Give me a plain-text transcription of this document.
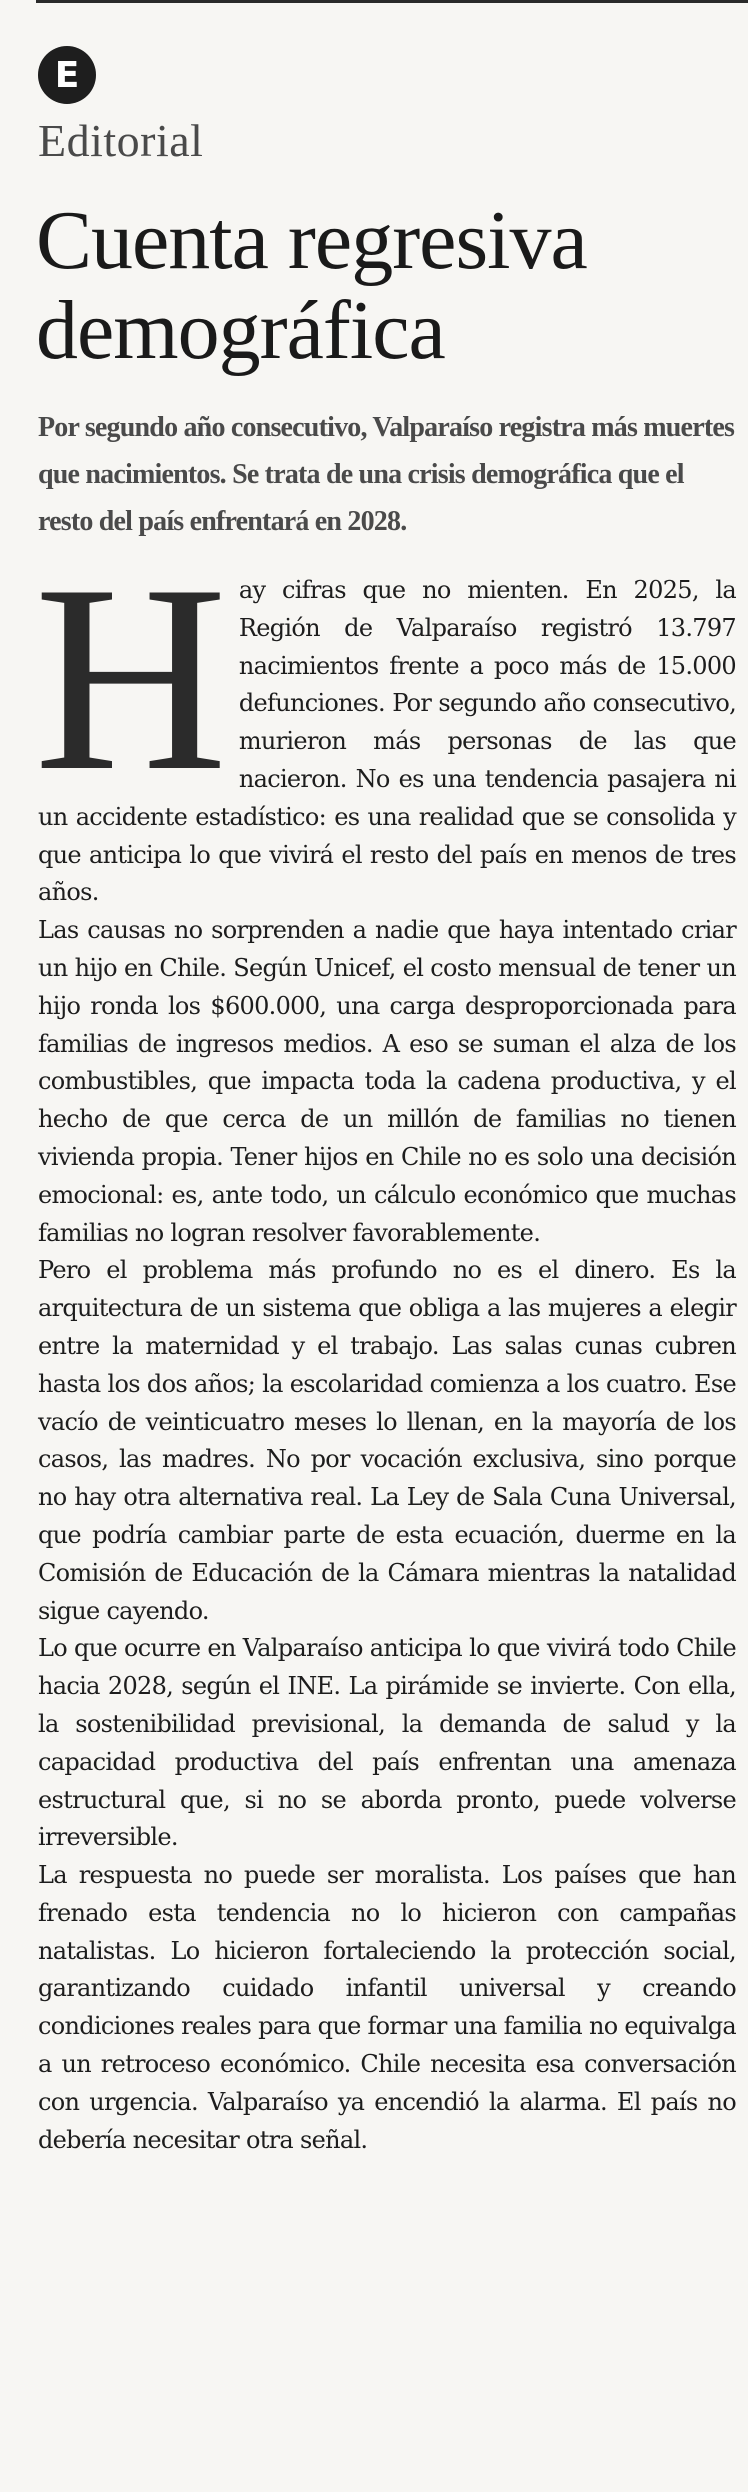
E
Editorial
Cuenta regresiva demográfica

Por segundo año consecutivo, Valparaíso registra más muertes que nacimientos. Se trata de una crisis demográfica que el resto del país enfrentará en 2028.

Hay cifras que no mienten. En 2025, la Región de Valparaíso registró 13.797 nacimientos frente a poco más de 15.000 defunciones. Por segundo año consecutivo, murieron más personas de las que nacieron. No es una tendencia pasajera ni un accidente estadístico: es una realidad que se consolida y que anticipa lo que vivirá el resto del país en menos de tres años.

Las causas no sorprenden a nadie que haya intentado criar un hijo en Chile. Según Unicef, el costo mensual de tener un hijo ronda los $600.000, una carga desproporcionada para familias de ingresos medios. A eso se suman el alza de los combustibles, que impacta toda la cadena productiva, y el hecho de que cerca de un millón de familias no tienen vivienda propia. Tener hijos en Chile no es solo una decisión emocional: es, ante todo, un cálculo económico que muchas familias no logran resolver favorablemente.

Pero el problema más profundo no es el dinero. Es la arquitectura de un sistema que obliga a las mujeres a elegir entre la maternidad y el trabajo. Las salas cunas cubren hasta los dos años; la escolaridad comienza a los cuatro. Ese vacío de veinticuatro meses lo llenan, en la mayoría de los casos, las madres. No por vocación exclusiva, sino porque no hay otra alternativa real. La Ley de Sala Cuna Universal, que podría cambiar parte de esta ecuación, duerme en la Comisión de Educación de la Cámara mientras la natalidad sigue cayendo.

Lo que ocurre en Valparaíso anticipa lo que vivirá todo Chile hacia 2028, según el INE. La pirámide se invierte. Con ella, la sostenibilidad previsional, la demanda de salud y la capacidad productiva del país enfrentan una amenaza estructural que, si no se aborda pronto, puede volverse irreversible.

La respuesta no puede ser moralista. Los países que han frenado esta tendencia no lo hicieron con campañas natalistas. Lo hicieron fortaleciendo la protección social, garantizando cuidado infantil universal y creando condiciones reales para que formar una familia no equivalga a un retroceso económico. Chile necesita esa conversación con urgencia. Valparaíso ya encendió la alarma. El país no debería necesitar otra señal.
